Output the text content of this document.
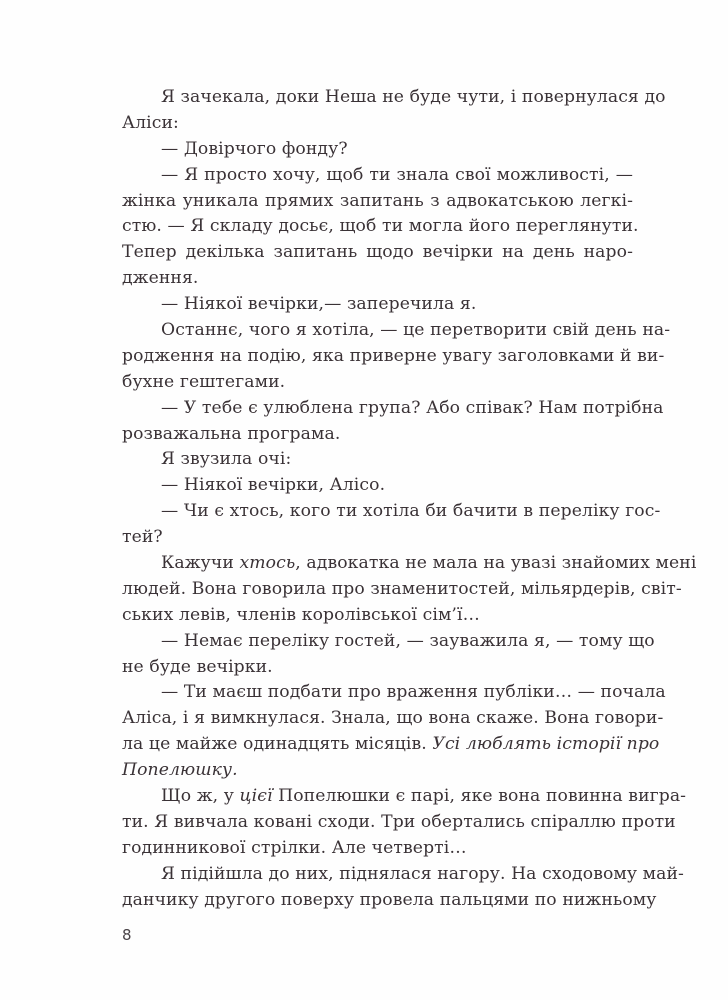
Я зачекала, доки Неша не буде чути, і повернулася до
Аліси:
— Довірчого фонду?
— Я просто хочу, щоб ти знала свої можливості, —
жінка уникала прямих запитань з адвокатською легкі-
стю. — Я складу досьє, щоб ти могла його переглянути.
Тепер декілька запитань щодо вечірки на день наро-
дження.
— Ніякої вечірки,— заперечила я.
Останнє, чого я хотіла, — це перетворити свій день на-
родження на подію, яка приверне увагу заголовками й ви-
бухне гештегами.
— У тебе є улюблена група? Або співак? Нам потрібна
розважальна програма.
Я звузила очі:
— Ніякої вечірки, Алісо.
— Чи є хтось, кого ти хотіла би бачити в переліку гос-
тей?
Кажучи хтось, адвокатка не мала на увазі знайомих мені
людей. Вона говорила про знаменитостей, мільярдерів, світ-
ських левів, членів королівської сім’ї…
— Немає переліку гостей, — зауважила я, — тому що
не буде вечірки.
— Ти маєш подбати про враження публіки… — почала
Аліса, і я вимкнулася. Знала, що вона скаже. Вона говори-
ла це майже одинадцять місяців. Усі люблять історії про
Попелюшку.
Що ж, у цієї Попелюшки є парі, яке вона повинна вигра-
ти. Я вивчала ковані сходи. Три обертались спіраллю проти
годинникової стрілки. Але четверті…
Я підійшла до них, піднялася нагору. На сходовому май-
данчику другого поверху провела пальцями по нижньому
8
